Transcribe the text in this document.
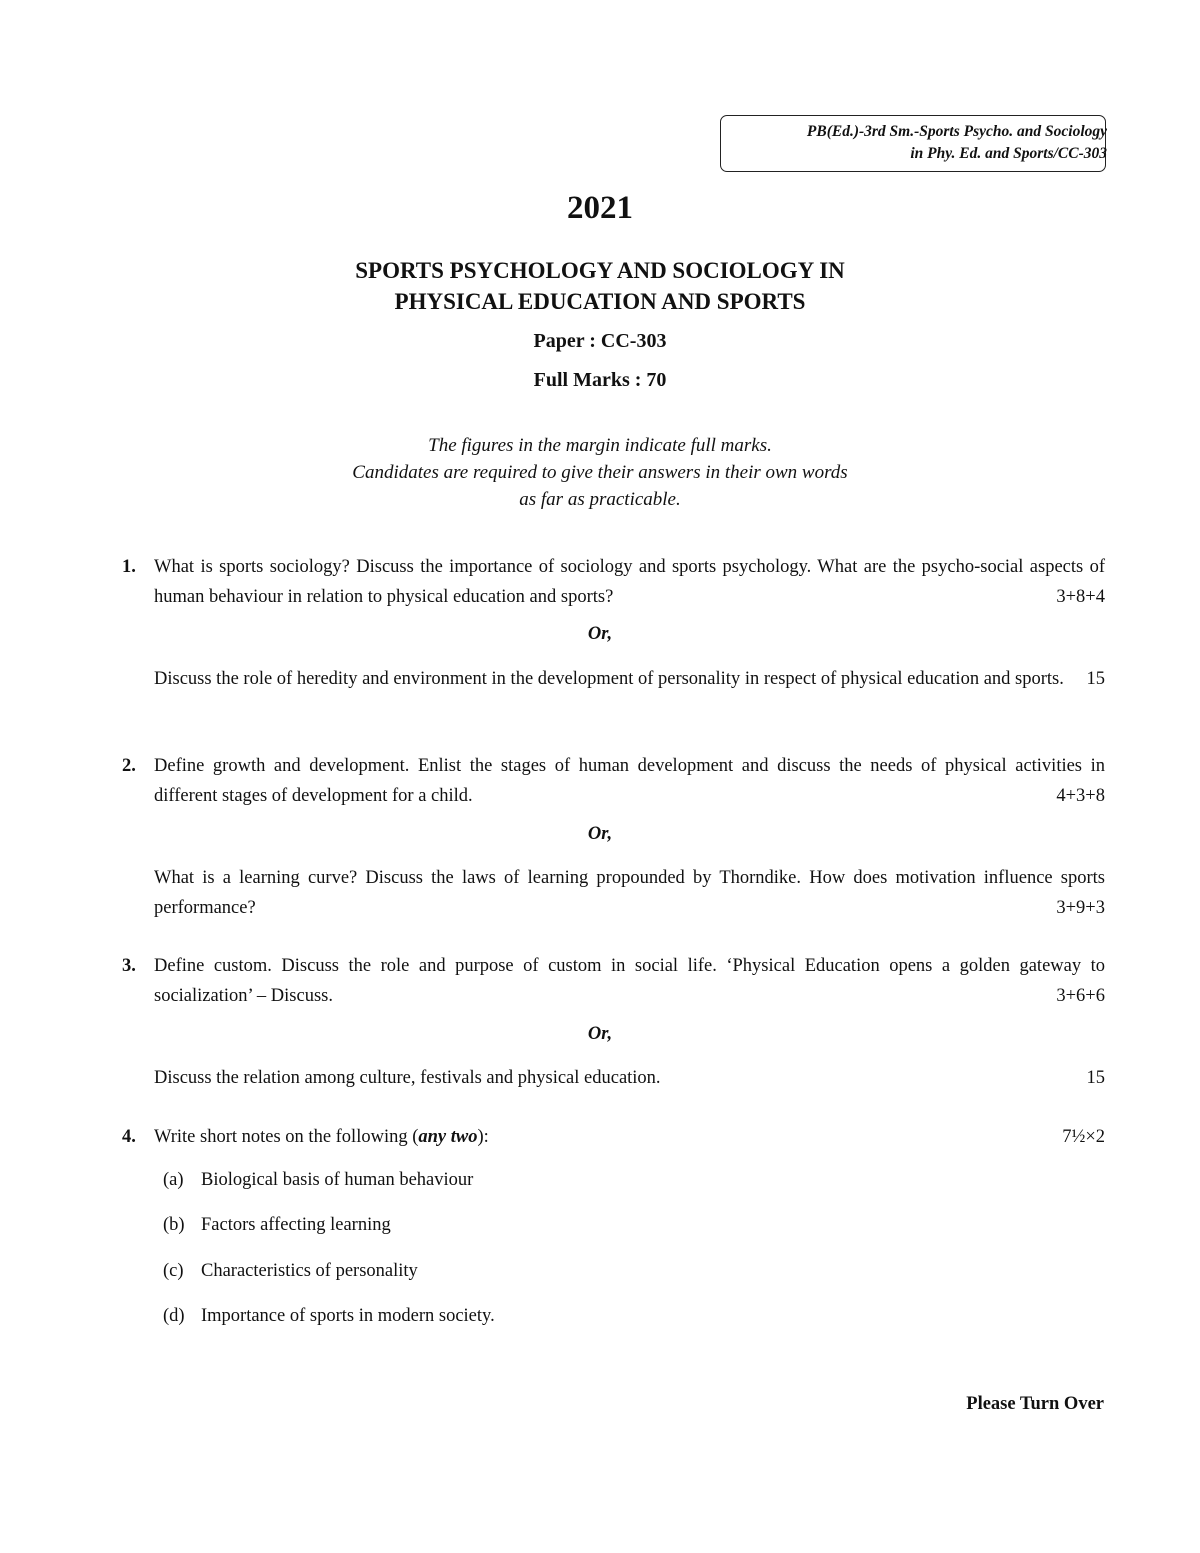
PB(Ed.)-3rd Sm.-Sports Psycho. and Sociology
in Phy. Ed. and Sports/CC-303
2021
SPORTS PSYCHOLOGY AND SOCIOLOGY IN
PHYSICAL EDUCATION AND SPORTS
Paper : CC-303
Full Marks : 70
The figures in the margin indicate full marks.
Candidates are required to give their answers in their own words
as far as practicable.
1. What is sports sociology? Discuss the importance of sociology and sports psychology. What are the psycho-social aspects of human behaviour in relation to physical education and sports?	3+8+4
Or,
Discuss the role of heredity and environment in the development of personality in respect of physical education and sports. 15
2. Define growth and development. Enlist the stages of human development and discuss the needs of physical activities in different stages of development for a child.	4+3+8
Or,
What is a learning curve? Discuss the laws of learning propounded by Thorndike. How does motivation influence sports performance?	3+9+3
3. Define custom. Discuss the role and purpose of custom in social life. ‘Physical Education opens a golden gateway to socialization’ – Discuss.	3+6+6
Or,
Discuss the relation among culture, festivals and physical education.	15
4. Write short notes on the following (any two):	7½×2
(a) Biological basis of human behaviour
(b) Factors affecting learning
(c) Characteristics of personality
(d) Importance of sports in modern society.
Please Turn Over
